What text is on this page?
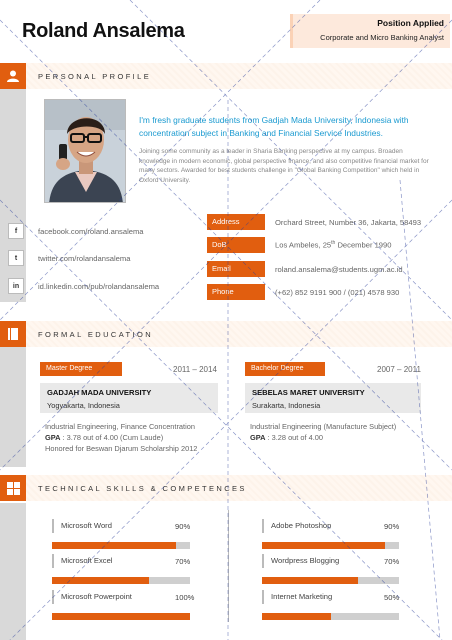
Roland Ansalema	Position Applied
Corporate and Micro Banking Analyst
PERSONAL PROFILE
I'm fresh graduate students from Gadjah Mada University, Indonesia with concentration subject in Banking and Financial Service Industries.
Joining some community as a leader in Sharia Banking perspective at my campus. Broaden knowledge in modern economic, global perspective finance, and also competitive financial market for many sectors. Awarded for best students challenge in "Global Banking Competition" which held in Oxford University.
f	facebook.com/roland.ansalema
t	twitter.com/rolandansalema
in	id.linkedin.com/pub/rolandansalema
Address	Orchard Street, Number 36, Jakarta, 58493
DoB	Los Ambeles, 25th December 1990
Email	roland.ansalema@students.ugm.ac.id
Phone	(+62) 852 9191 900 / (021) 4578 930
FORMAL EDUCATION
Master Degree	2011 – 2014
GADJAH MADA UNIVERSITY
Yogyakarta, Indonesia
Industrial Engineering, Finance Concentration
GPA : 3.78 out of 4.00 (Cum Laude)
Honored for Beswan Djarum Scholarship 2012
Bachelor Degree	2007 – 2011
SEBELAS MARET UNIVERSITY
Surakarta, Indonesia
Industrial Engineering (Manufacture Subject)
GPA : 3.28 out of 4.00
TECHNICAL SKILLS & COMPETENCES
Microsoft Word	90%
Microsoft Excel	70%
Microsoft Powerpoint	100%
Adobe Photoshop	90%
Wordpress Blogging	70%
Internet Marketing	50%
